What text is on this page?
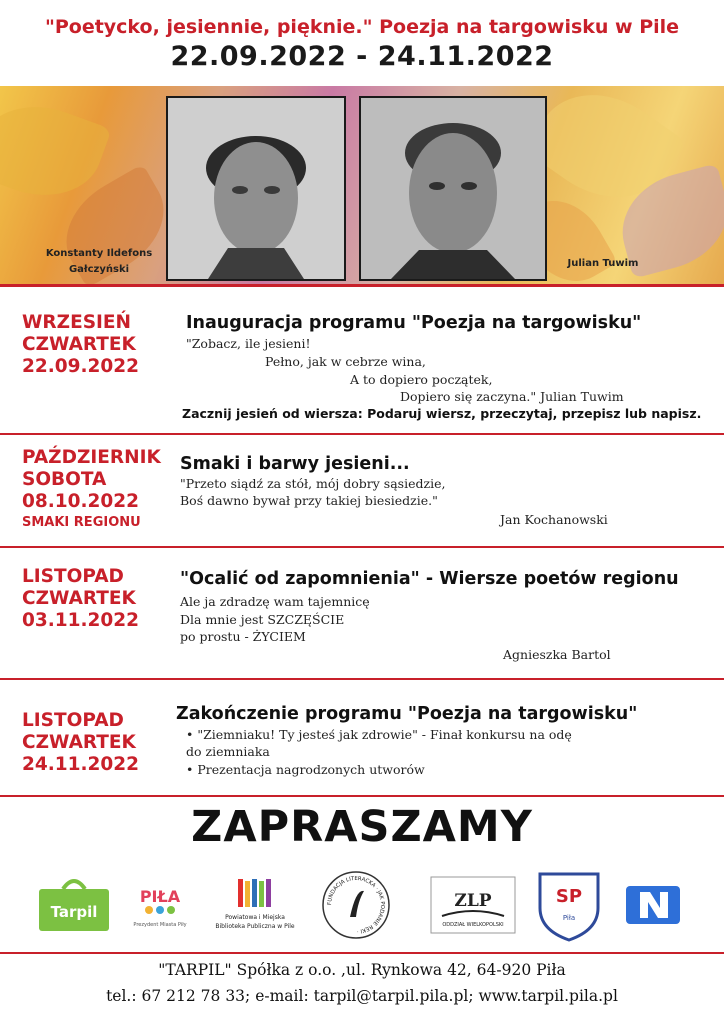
"Poetycko, jesiennie, pięknie." Poezja na targowisku w Pile
22.09.2022 - 24.11.2022
Konstanty Ildefons
Gałczyński
Julian Tuwim
WRZESIEŃ
CZWARTEK
22.09.2022
Inauguracja programu "Poezja na targowisku"
"Zobacz, ile jesieni!
Pełno, jak w cebrze wina,
A to dopiero początek,
Dopiero się zaczyna." Julian Tuwim
Zacznij jesień od wiersza: Podaruj wiersz, przeczytaj, przepisz lub napisz.
PAŹDZIERNIK
SOBOTA
08.10.2022
SMAKI REGIONU
Smaki i barwy jesieni...
"Przeto siądź za stół, mój dobry sąsiedzie,
Boś dawno bywał przy takiej biesiedzie."
Jan Kochanowski
LISTOPAD
CZWARTEK
03.11.2022
"Ocalić od zapomnienia" - Wiersze poetów regionu
Ale ja zdradzę wam tajemnicę
Dla mnie jest SZCZĘŚCIE
po prostu - ŻYCIEM
Agnieszka Bartol
LISTOPAD
CZWARTEK
24.11.2022
Zakończenie programu "Poezja na targowisku"
• "Ziemniaku! Ty jesteś jak zdrowie" - Finał konkursu na odę
do ziemniaka
• Prezentacja nagrodzonych utworów
ZAPRASZAMY
Tarpil
PIŁA
Prezydent Miasta Piły
Powiatowa i Miejska
Biblioteka Publiczna w Pile
FUNDACJA LITERACKA · JAK PODANIE RĘKI ·
ZLP
ODDZIAŁ WIELKOPOLSKI
SP
Piła
"TARPIL" Spółka z o.o. ,ul. Rynkowa 42, 64-920 Piła
tel.: 67 212 78 33; e-mail: tarpil@tarpil.pila.pl; www.tarpil.pila.pl
